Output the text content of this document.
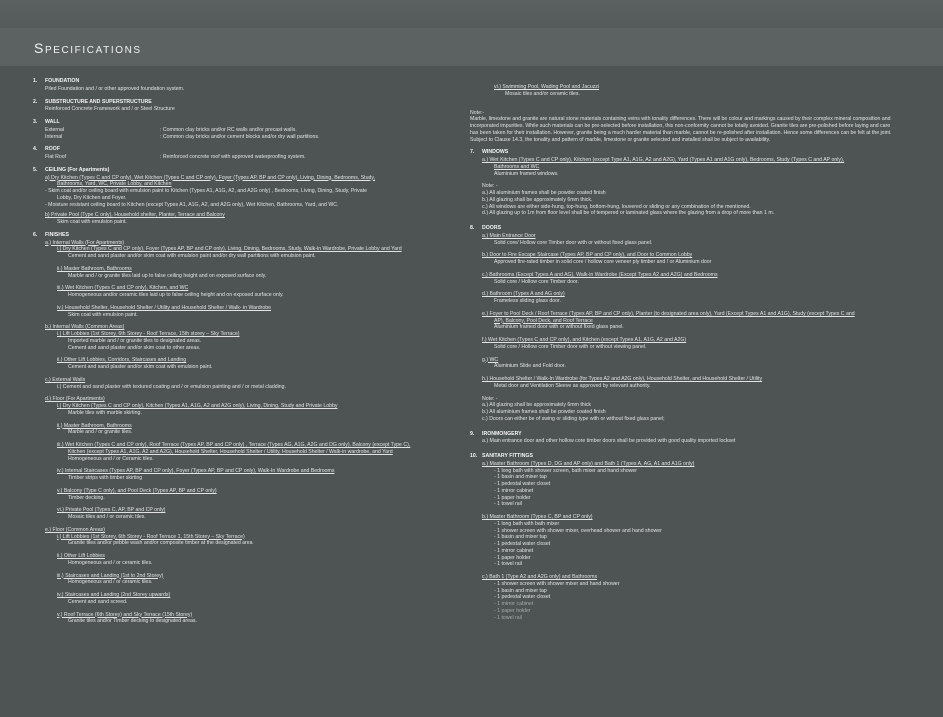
Specifications
1. FOUNDATION
Piled Foundation and / or other approved foundation system.
2. SUBSTRUCTURE AND SUPERSTRUCTURE
Reinforced Concrete Framework and / or Steel Structure
3. WALL
External	: Common clay bricks and/or RC walls and/or precast walls.
Internal	: Common clay bricks and/or cement blocks and/or dry wall partitions.
4. ROOF
Flat Roof	: Reinforced concrete roof with approved waterproofing system.
5. CEILING (For Apartments)
a) Dry Kitchen (Types C and CP only), Wet Kitchen (Types C and CP only), Foyer (Types AP, BP and CP only), Living, Dining, Bedrooms, Study,
Bathrooms, Yard, WC, Private Lobby, and Kitchen
- Skim coat and/or ceiling board with emulsion paint to Kitchen (Types A1, A1G, A2, and A2G only) , Bedrooms, Living, Dining, Study, Private
Lobby, Dry Kitchen and Foyer.
- Moisture resistant ceiling board to Kitchen (except Types A1, A1G, A2, and A2G only), Wet Kitchen, Bathrooms, Yard, and WC.
b) Private Pool (Type C only), Household shelter, Planter, Terrace and Balcony
Skim coat with emulsion paint.
6. FINISHES
a.) Internal Walls (For Apartments)
i.) Dry Kitchen (Types C and CP only), Foyer (Types AP, BP and CP only), Living, Dining, Bedrooms, Study, Walk-in Wardrobe, Private Lobby and Yard
Cement and sand plaster and/or skim coat with emulsion paint and/or dry wall partitions with emulsion paint.
ii.) Master Bathroom, Bathrooms
Marble and / or granite tiles laid up to false ceiling height and on exposed surface only.
iii.) Wet Kitchen (Types C and CP only), Kitchen, and WC
Homogeneous and/or ceramic tiles laid up to false ceiling height and on exposed surface only.
iv.) Household Shelter, Household Shelter / Utility and Household Shelter / Walk- in Wardrobe
Skim coat with emulsion paint.
b.) Internal Walls (Common Areas)
i.) Lift Lobbies (1st Storey, 6th Storey - Roof Terrace, 15th storey – Sky Terrace)
Imported marble and / or granite tiles to designated areas.
Cement and sand plaster and/or skim coat to other areas.
ii.) Other Lift Lobbies, Corridors, Staircases and Landing
Cement and sand plaster and/or skim coat with emulsion paint.
c.) External Walls
i.) Cement and sand plaster with textured coating and / or emulsion painting and / or metal cladding.
d.) Floor (For Apartments)
i.) Dry Kitchen (Types C and CP only), Kitchen (Types A1, A1G, A2 and A2G only), Living, Dining, Study and Private Lobby
Marble tiles with marble skirting.
ii.) Master Bathroom, Bathrooms
Marble and / or granite tiles.
iii.) Wet Kitchen (Types C and CP only), Roof Terrace (Types AP, BP and CP only) , Terrace (Types AG, A1G, A2G and DG only), Balcony (except Type C),
Kitchen (except Types A1, A1G, A2 and A2G), Household Shelter, Household Shelter / Utility, Household Shelter / Walk-in wardrobe, and Yard
Homogeneous and / or Ceramic tiles.
iv.) Internal Staircases (Types AP, BP and CP only), Foyer (Types AP, BP and CP only), Walk-In Wardrobe and Bedrooms
Timber strips with timber skirting
v.) Balcony (Type C only), and Pool Deck (Types AP, BP and CP only)
Timber decking.
vi.) Private Pool (Types C, AP, BP and CP only)
Mosaic tiles and / or ceramic tiles.
e.) Floor (Common Areas)
i.) Lift Lobbies (1st Storey, 6th Storey - Roof Terrace 1, 15th Storey – Sky Terrace)
Granite tiles and/or pebble wash and/or composite timber at the designated area
ii.) Other Lift Lobbies
Homogeneous and / or ceramic tiles.
iii.) Staircases and Landing (1st to 2nd Storey)
Homogeneous and / or ceramic tiles.
iv.) Staircases and Landing (2nd Storey upwards)
Cement and sand screed.
v.) Roof Terrace (6th Storey) and Sky Terrace (15th Storey)
Granite tiles and/or Timber decking to designated areas.
vi.) Swimming Pool, Wading Pool and Jacuzzi
Mosaic tiles and/or ceramic tiles.
Note:-
Marble, limestone and granite are natural stone materials containing veins with tonality differences. There will be colour and markings caused by their complex mineral composition and incorporated impurities. While such materials can be pre-selected before installation, this non-conformity cannot be totally avoided. Granite tiles are pre-polished before laying and care has been taken for their installation. However, granite being a much harder material than marble, cannot be re-polished after installation. Hence some differences can be felt at the joint. Subject to Clause 14.3, the tonality and pattern of marble, limestone or granite selected and installed shall be subject to availability.
7. WINDOWS
a.) Wet Kitchen (Types C and CP only), Kitchen (except Type A1, A1G, A2 and A2G), Yard (Types A1 and A1G only), Bedrooms, Study (Types C and AP only),
Bathrooms and WC
Aluminium framed windows.
Note: -
a.) All aluminium frames shall be powder coated finish
b.) All glazing shall be approximately 6mm thick.
c.) All windows are either side-hung, top-hung, bottom-hung, louvered or sliding or any combination of the mentioned.
d.) All glazing up to 1m from floor level shall be of tempered or laminated glass where the glazing from a drop of more than 1 m.
8. DOORS
a.) Main Entrance Door
Solid core/ Hollow core Timber door with or without fixed glass panel.
b.) Door to Fire Escape Staircase (Types AP, BP and CP only), and Door to Common Lobby
Approved fire-rated timber in solid core / hollow core veneer ply timber and / or Aluminium door
c.) Bathrooms (Except Types A and AG), Walk-in Wardrobe (Except Types A2 and A2G) and Bedrooms
Solid core / Hollow core Timber door.
d.) Bathroom (Types A and AG only)
Frameless sliding glass door.
e.) Foyer to Pool Deck / Roof Terrace (Types AP, BP and CP only), Planter (to designated area only), Yard (Except Types A1 and A1G), Study (except Types C and
AP), Balcony, Pool Deck, and Roof Terrace
Aluminium framed door with or without fixed glass panel.
f.) Wet Kitchen (Types C and CP only), and Kitchen (except Types A1, A1G, A2 and A2G)
Solid core / Hollow core Timber door with or without viewing panel.
g.) WC
Aluminium Slide and Fold door.
h.) Household Shelter / Walk-In Wardrobe (for Types A2 and A2G only), Household Shelter, and Household Shelter / Utility
Metal door and Ventilation Sleeve as approved by relevant authority.
Note: -
a.) All glazing shall be approximately 6mm thick
b.) All aluminium frames shall be powder coated finish
c.) Doors can either be of swing or sliding type with or without fixed glass panel;
9. IRONMONGERY
a.) Main entrance door and other hollow core timber doors shall be provided with good quality imported lockset
10. SANITARY FITTINGS
a.) Master Bathroom (Types D, DG and AP only) and Bath 1 (Types A, AG, A1 and A1G only)
- 1 long bath with shower screen, bath mixer and hand shower
- 1 basin and mixer tap
- 1 pedestal water closet
- 1 mirror cabinet
- 1 paper holder
- 1 towel rail
b.) Master Bathroom (Types C, BP and CP only)
- 1 long bath with bath mixer
- 1 shower screen with shower mixer, overhead shower and hand shower
- 1 basin and mixer tap
- 1 pedestal water closet
- 1 mirror cabinet
- 1 paper holder
- 1 towel rail
c.) Bath 1 (Type A2 and A2G only) and Bathrooms
- 1 shower screen with shower mixer and hand shower
- 1 basin and mixer tap
- 1 pedestal water closet
- 1 mirror cabinet
- 1 paper holder
- 1 towel rail
